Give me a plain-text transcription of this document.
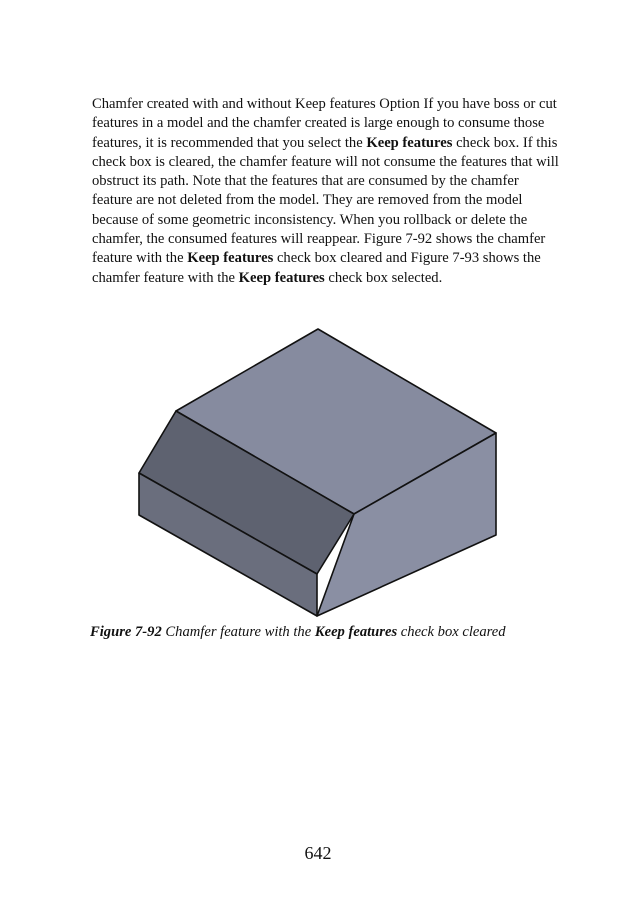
Chamfer created with and without Keep features Option If you have boss or cut features in a model and the chamfer created is large enough to consume those features, it is recommended that you select the Keep features check box. If this check box is cleared, the chamfer feature will not consume the features that will obstruct its path. Note that the features that are consumed by the chamfer feature are not deleted from the model. They are removed from the model because of some geometric inconsistency. When you rollback or delete the chamfer, the consumed features will reappear. Figure 7-92 shows the chamfer feature with the Keep features check box cleared and Figure 7-93 shows the chamfer feature with the Keep features check box selected.

Figure 7-92 Chamfer feature with the Keep features check box cleared

642
